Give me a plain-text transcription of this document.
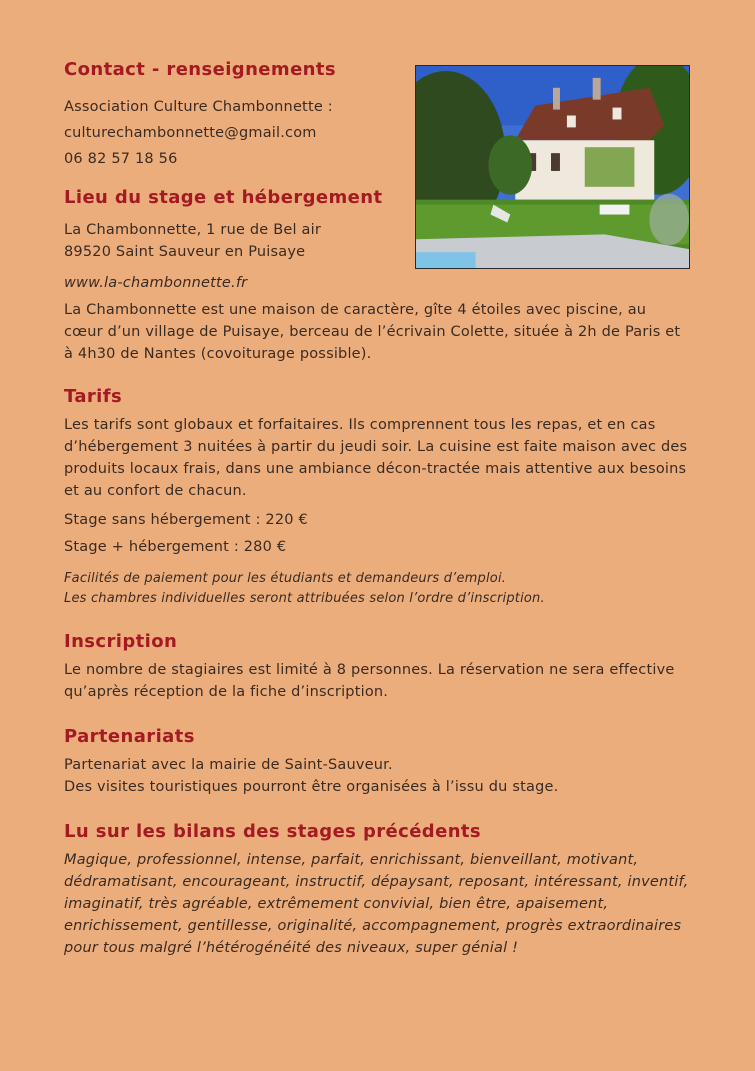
Contact - renseignements

Association Culture Chambonnette :

culturechambonnette@gmail.com

06 82 57 18 56

Lieu du stage et hébergement

La Chambonnette, 1 rue de Bel air

89520 Saint Sauveur en Puisaye

www.la-chambonnette.fr

La Chambonnette est une maison de caractère, gîte 4 étoiles avec piscine, au cœur d’un village de Puisaye, berceau de l’écrivain Colette, située à 2h de Paris et à 4h30 de Nantes (covoiturage possible).

Tarifs

Les tarifs sont globaux et forfaitaires. Ils comprennent tous les repas, et en cas d’hébergement 3 nuitées à partir du jeudi soir. La cuisine est faite maison avec des produits locaux frais, dans une ambiance décon-tractée mais attentive aux besoins et au confort de chacun.

Stage sans hébergement : 220 €

Stage + hébergement : 280 €

Facilités de paiement pour les étudiants et demandeurs d’emploi.

Les chambres individuelles seront attribuées selon l’ordre d’inscription.

Inscription

Le nombre de stagiaires est limité à 8 personnes. La réservation ne sera effective qu’après réception de la fiche d’inscription.

Partenariats

Partenariat avec la mairie de Saint-Sauveur.

Des visites touristiques pourront être organisées à l’issu du stage.

Lu sur les bilans des stages précédents

Magique, professionnel, intense, parfait, enrichissant, bienveillant, motivant, dédramatisant, encourageant, instructif, dépaysant, reposant, intéressant, inventif, imaginatif, très agréable, extrêmement convivial, bien être, apaisement, enrichissement, gentillesse, originalité, accompagnement, progrès extraordinaires pour tous malgré l’hétérogénéité des niveaux, super génial !
